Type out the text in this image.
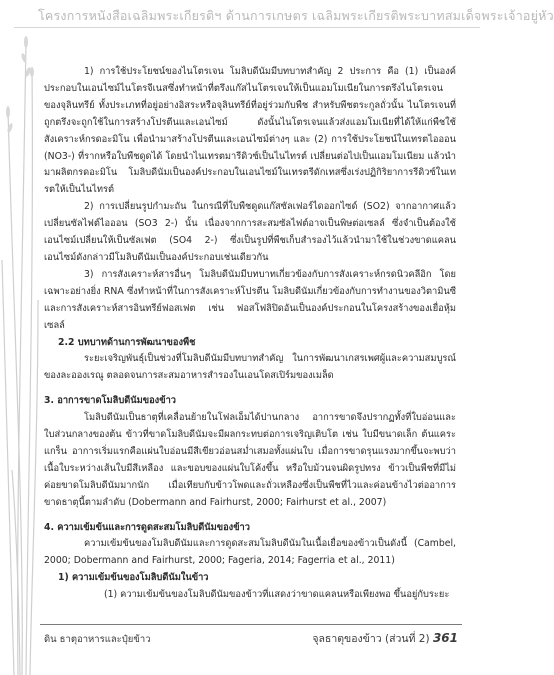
โครงการหนังสือเฉลิมพระเกียรติฯ ด้านการเกษตร เฉลิมพระเกียรติพระบาทสมเด็จพระเจ้าอยู่หัว

1) การใช้ประโยชน์ของไนโตรเจน โมลิบดีนัมมีบทบาทสำคัญ 2 ประการ คือ (1) เป็นองค์ประกอบในเอนไซม์ไนโตรจีเนสซึ่งทำหน้าที่ตรึงแก๊สไนโตรเจนให้เป็นแอมโมเนียในการตรึงไนโตรเจนของจุลินทรีย์ ทั้งประเภทที่อยู่อย่างอิสระหรือจุลินทรีย์ที่อยู่ร่วมกับพืช สำหรับพืชตระกูลถั่วนั้น ไนโตรเจนที่ถูกตรึงจะถูกใช้ในการสร้างโปรตีนและเอนไซม์ ดังนั้นไนโตรเจนแล้วส่งแอมโมเนียที่ได้ให้แก่พืชใช้สังเคราะห์กรดอะมิโน เพื่อนำมาสร้างโปรตีนและเอนไซม์ต่างๆ และ (2) การใช้ประโยชน์ในเทรตไอออน (NO3-) ที่รากหรือใบพืชดูดได้ โดยนำไนเทรตมารีดิวซ์เป็นไนไทรต์ เปลี่ยนต่อไปเป็นแอมโมเนียม แล้วนำมาผลิตกรดอะมิโน โมลิบดีนัมเป็นองค์ประกอบในเอนไซม์ในเทรตรีดักเทสซึ่งเร่งปฏิกิริยาการรีดิวซ์ในเทรตให้เป็นไนไทรต์

2) การเปลี่ยนรูปกำมะถัน ในกรณีที่ใบพืชดูดแก๊สซัลเฟอร์ไดออกไซด์ (SO2) จากอากาศแล้วเปลี่ยนซัลไฟต์ไอออน (SO3 2-) นั้น เนื่องจากการสะสมซัลไฟต์อาจเป็นพิษต่อเซลล์ ซึ่งจำเป็นต้องใช้เอนไซม์เปลี่ยนให้เป็นซัลเฟต (SO4 2-) ซึ่งเป็นรูปที่พืชเก็บสำรองไว้แล้วนำมาใช้ในช่วงขาดแคลน เอนไซม์ดังกล่าวมีโมลิบดีนัมเป็นองค์ประกอบเช่นเดียวกัน

3) การสังเคราะห์สารอื่นๆ โมลิบดีนัมมีบทบาทเกี่ยวข้องกับการสังเคราะห์กรดนิวคลีอิก โดยเฉพาะอย่างยิ่ง RNA ซึ่งทำหน้าที่ในการสังเคราะห์โปรตีน โมลิบดีนัมเกี่ยวข้องกับการทำงานของวิตามินซี และการสังเคราะห์สารอินทรีย์ฟอสเฟต เช่น ฟอสโฟลิปิดอันเป็นองค์ประกอนในโครงสร้างของเยื่อหุ้มเซลล์

2.2 บทบาทด้านการพัฒนาของพืช

ระยะเจริญพันธุ์เป็นช่วงที่โมลิบดีนัมมีบทบาทสำคัญ ในการพัฒนาเกสรเพศผู้และความสมบูรณ์ของละอองเรณู ตลอดจนการสะสมอาหารสำรองในเอนโดสเปิร์มของเมล็ด

3. อาการขาดโมลิบดีนัมของข้าว

โมลิบดีนัมเป็นธาตุที่เคลื่อนย้ายในโฟลเอ็มได้ปานกลาง อาการขาดจึงปรากฏทั้งที่ใบอ่อนและใบส่วนกลางของต้น ข้าวที่ขาดโมลิบดีนัมจะมีผลกระทบต่อการเจริญเติบโต เช่น ใบมีขนาดเล็ก ต้นแคระแกร็น อาการเริ่มแรกคือแผ่นใบอ่อนมีสีเขียวอ่อนสม่ำเสมอทั้งแผ่นใบ เมื่อการขาดรุนแรงมากขึ้นจะพบว่าเนื้อใบระหว่างเส้นใบมีสีเหลือง และขอบของแผ่นใบโค้งขึ้น หรือใบม้วนจนผิดรูปทรง ข้าวเป็นพืชที่มีไม่ค่อยขาดโมลิบดีนัมมากนัก เมื่อเทียบกับข้าวโพดและถั่วเหลืองซึ่งเป็นพืชที่ไวและค่อนข้างไวต่ออาการขาดธาตุนี้ตามลำดับ (Dobermann and Fairhurst, 2000; Fairhurst et al., 2007)

4. ความเข้มข้นและการดูดสะสมโมลิบดีนัมของข้าว

ความเข้มข้นของโมลิบดีนัมและการดูดสะสมโมลิบดีนัมในเนื้อเยื่อของข้าวเป็นดังนี้ (Cambel, 2000; Dobermann and Fairhurst, 2000; Fageria, 2014; Fagerria et al., 2011)

1) ความเข้มข้นของโมลิบดีนัมในข้าว

(1) ความเข้มข้นของโมลิบดีนัมของข้าวที่แสดงว่าขาดแคลนหรือเพียงพอ ขึ้นอยู่กับระยะ

ดิน ธาตุอาหารและปุ๋ยข้าว	จุลธาตุของข้าว (ส่วนที่ 2) 361
